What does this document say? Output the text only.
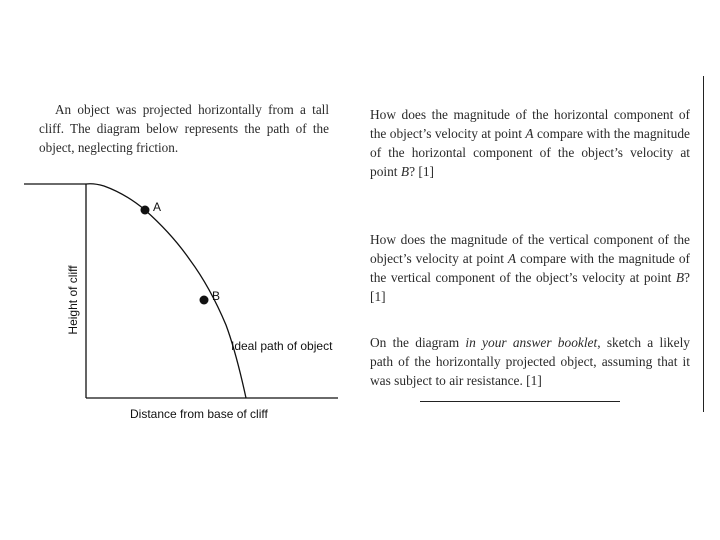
An object was projected horizontally from a tall cliff. The diagram below represents the path of the object, neglecting friction.

A
B
Height of cliff
Distance from base of cliff
Ideal path of object

How does the magnitude of the horizontal component of the object’s velocity at point A compare with the magnitude of the horizontal component of the object’s velocity at point B? [1]

How does the magnitude of the vertical component of the object’s velocity at point A compare with the magnitude of the vertical component of the object’s velocity at point B? [1]

On the diagram in your answer booklet, sketch a likely path of the horizontally projected object, assuming that it was subject to air resistance. [1]
